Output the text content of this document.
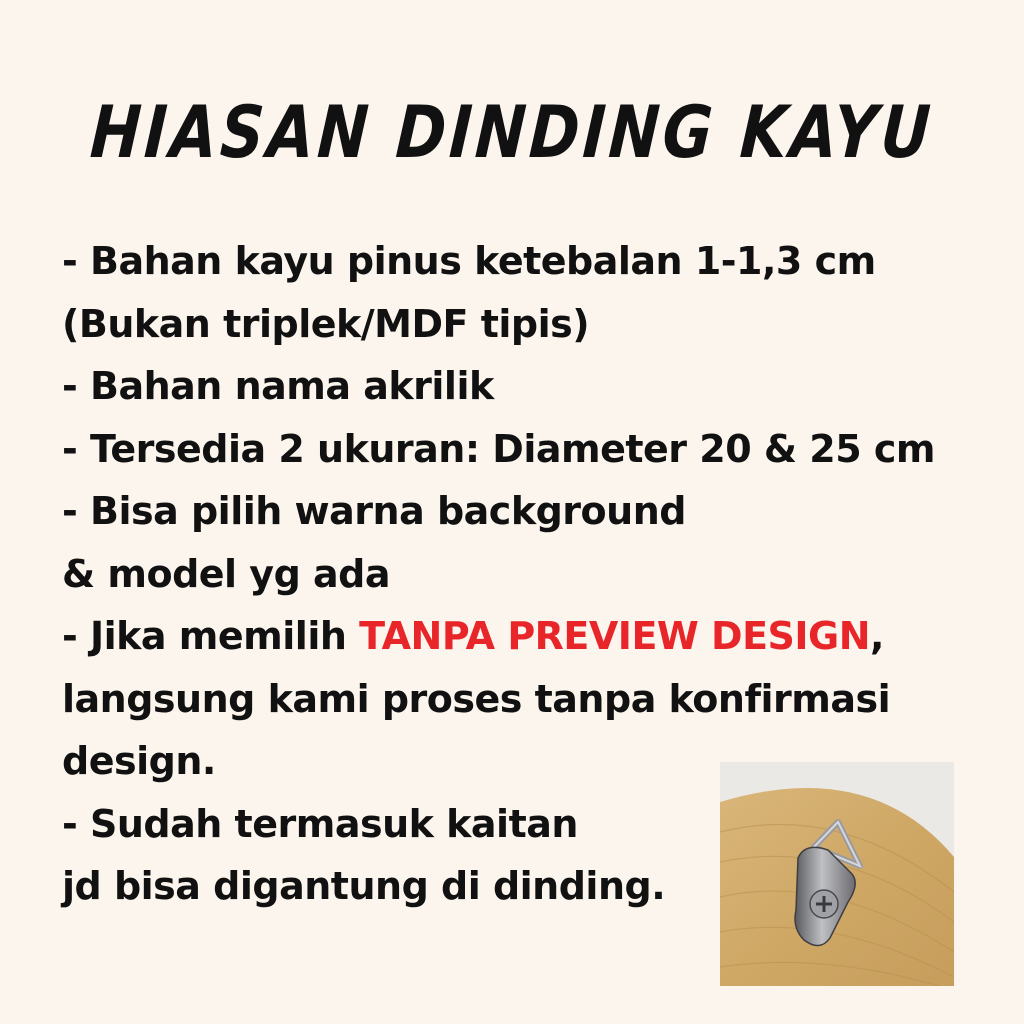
HIASAN DINDING KAYU
- Bahan kayu pinus ketebalan 1-1,3 cm
(Bukan triplek/MDF tipis)
- Bahan nama akrilik
- Tersedia 2 ukuran: Diameter 20 & 25 cm
- Bisa pilih warna background
& model yg ada
- Jika memilih TANPA PREVIEW DESIGN,
langsung kami proses tanpa konfirmasi
design.
- Sudah termasuk kaitan
jd bisa digantung di dinding.
